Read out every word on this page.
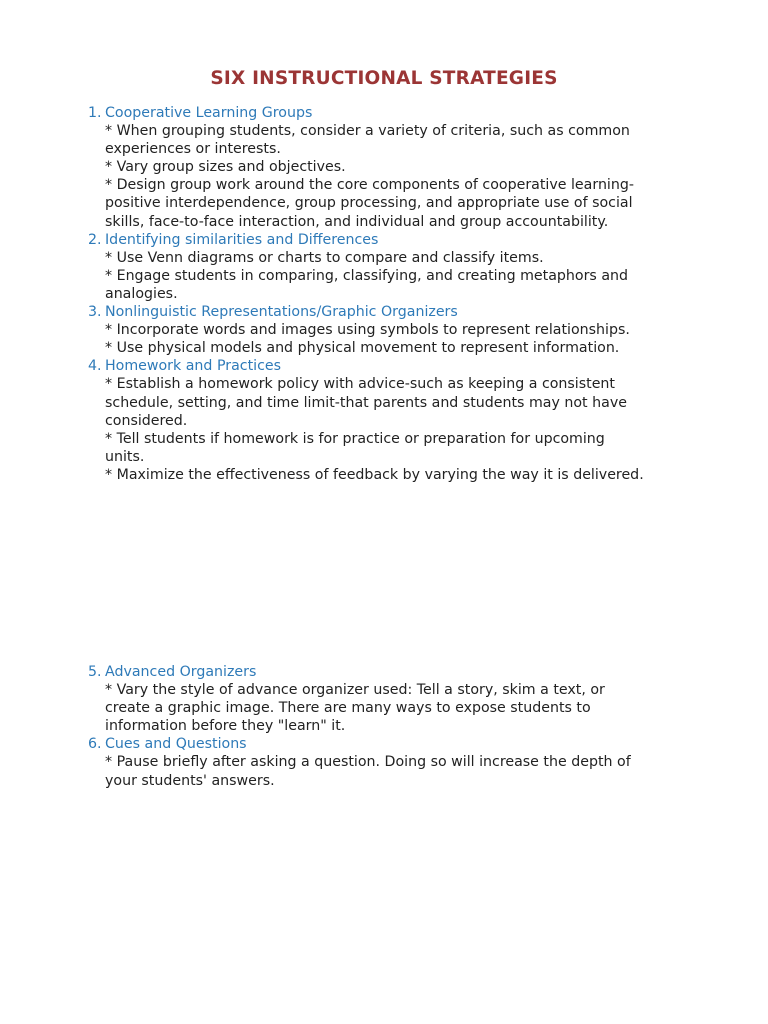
SIX INSTRUCTIONAL STRATEGIES
1. Cooperative Learning Groups
* When grouping students, consider a variety of criteria, such as common
experiences or interests.
* Vary group sizes and objectives.
* Design group work around the core components of cooperative learning-
positive interdependence, group processing, and appropriate use of social
skills, face-to-face interaction, and individual and group accountability.
2. Identifying similarities and Differences
* Use Venn diagrams or charts to compare and classify items.
* Engage students in comparing, classifying, and creating metaphors and
analogies.
3. Nonlinguistic Representations/Graphic Organizers
* Incorporate words and images using symbols to represent relationships.
* Use physical models and physical movement to represent information.
4. Homework and Practices
* Establish a homework policy with advice-such as keeping a consistent
schedule, setting, and time limit-that parents and students may not have
considered.
* Tell students if homework is for practice or preparation for upcoming
units.
* Maximize the effectiveness of feedback by varying the way it is delivered.
5. Advanced Organizers
* Vary the style of advance organizer used: Tell a story, skim a text, or
create a graphic image. There are many ways to expose students to
information before they "learn" it.
6. Cues and Questions
* Pause briefly after asking a question. Doing so will increase the depth of
your students' answers.
